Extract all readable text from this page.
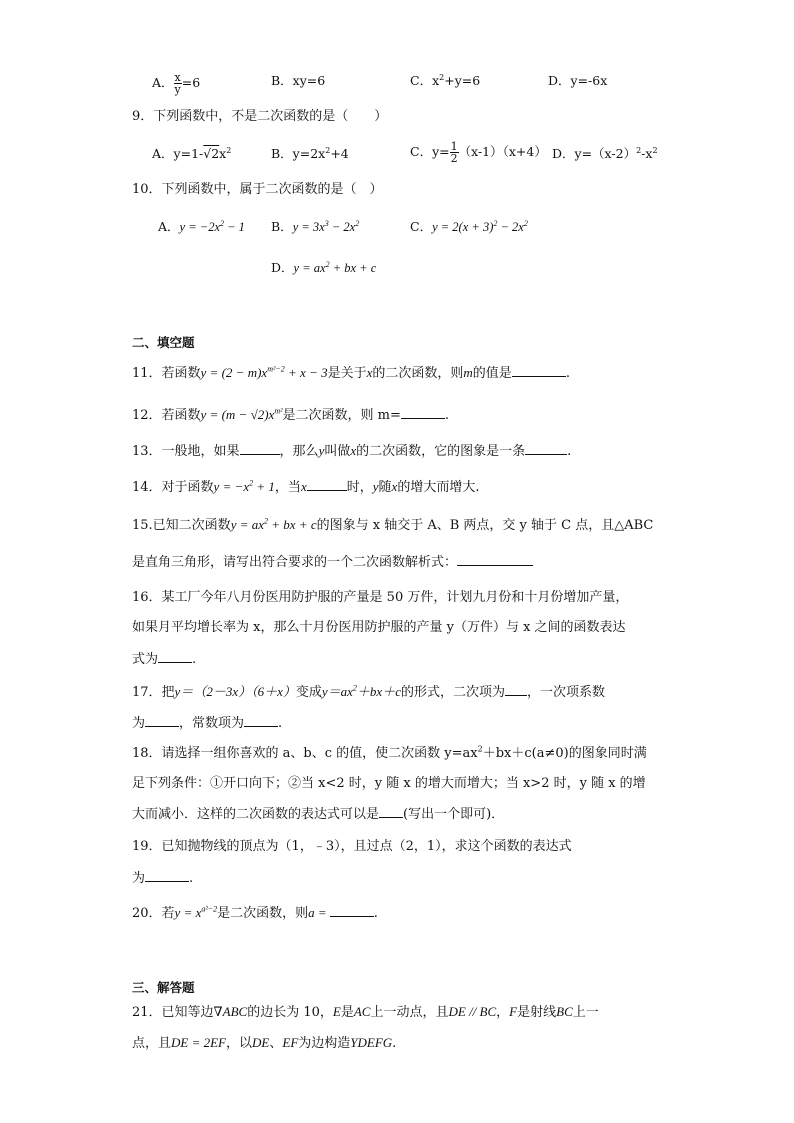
A． $\frac{x}{y} =6$	B．xy=6	C．$x^2+y=6$	D．y=-6x
9．下列函数中，不是二次函数的是（　　）
A．$y=1-√2x^2$	B．$y=2x^2+4$	C．$y= \frac{1}{2} (x-1)(x+4)$ D．$y=(x-2)^2-x^2$
10．下列函数中，属于二次函数的是（　）
A．$y = -2x^2 - 1$ B．$y = 3x^3 - 2x^2$	C．$y = 2(x + 3)^2 - 2x^2$
D．$y = ax^2$ + bx + c
二、填空题
11．若函数$y = (2 - m)x^{m^2-2} + x - 3$是关于x的二次函数，则m的值是	.
12．若函数$y = (m - √2)x^{m^2}$是二次函数，则 m=	.
13．一般地，如果	，那么y叫做x的二次函数，它的图象是一条	.
14．对于函数$y = -x^2 + 1$，当x	时，y随x的增大而增大.
15.已知二次函数$y = ax^2$ + bx + c的图象与 x 轴交于 A、B 两点，交 y 轴于 C 点，且△ABC
是直角三角形，请写出符合要求的一个二次函数解析式：
16．某工厂今年八月份医用防护服的产量是 50 万件，计划九月份和十月份增加产量，
如果月平均增长率为 x，那么十月份医用防护服的产量 y（万件）与 x 之间的函数表达
式为	.
17．把y＝（2－3x）（6＋x）变成$y=ax^2+bx+c$的形式，二次项为 ，一次项系数
为	，常数项为	.
18．请选择一组你喜欢的 a、b、c 的值，使二次函数 $y=ax^2+bx+c(a\ne 0)$的图象同时满
足下列条件：①开口向下；②当 x<2 时，y 随 x 的增大而增大；当 x>2 时，y 随 x 的增
大而减小．这样的二次函数的表达式可以是 (写出一个即可)．
19．已知抛物线的顶点为（1，﹣3），且过点（2，1），求这个函数的表达式
为	.
20．若$y = x^{a^2-2}$是二次函数，则a =	.
三、解答题
21．已知等边∇ABC的边长为 10，E是AC上一动点，且DE // BC，F是射线BC上一
点，且DE = 2EF，以DE、EF为边构造YDEFG.
